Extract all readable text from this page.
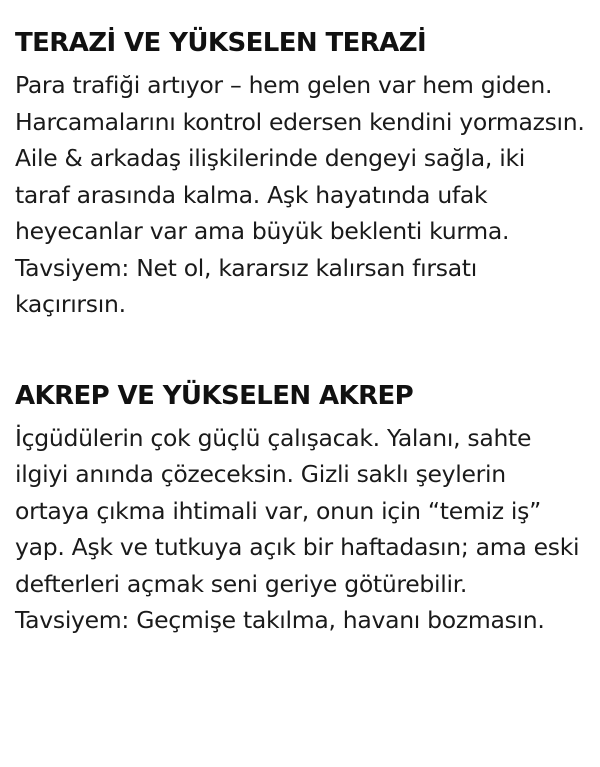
TERAZİ VE YÜKSELEN TERAZİ

Para trafiği artıyor – hem gelen var hem giden. Harcamalarını kontrol edersen kendini yormazsın. Aile & arkadaş ilişkilerinde dengeyi sağla, iki taraf arasında kalma. Aşk hayatında ufak heyecanlar var ama büyük beklenti kurma. Tavsiyem: Net ol, kararsız kalırsan fırsatı kaçırırsın.

AKREP VE YÜKSELEN AKREP

İçgüdülerin çok güçlü çalışacak. Yalanı, sahte ilgiyi anında çözeceksin. Gizli saklı şeylerin ortaya çıkma ihtimali var, onun için “temiz iş” yap. Aşk ve tutkuya açık bir haftadasın; ama eski defterleri açmak seni geriye götürebilir. Tavsiyem: Geçmişe takılma, havanı bozmasın.
